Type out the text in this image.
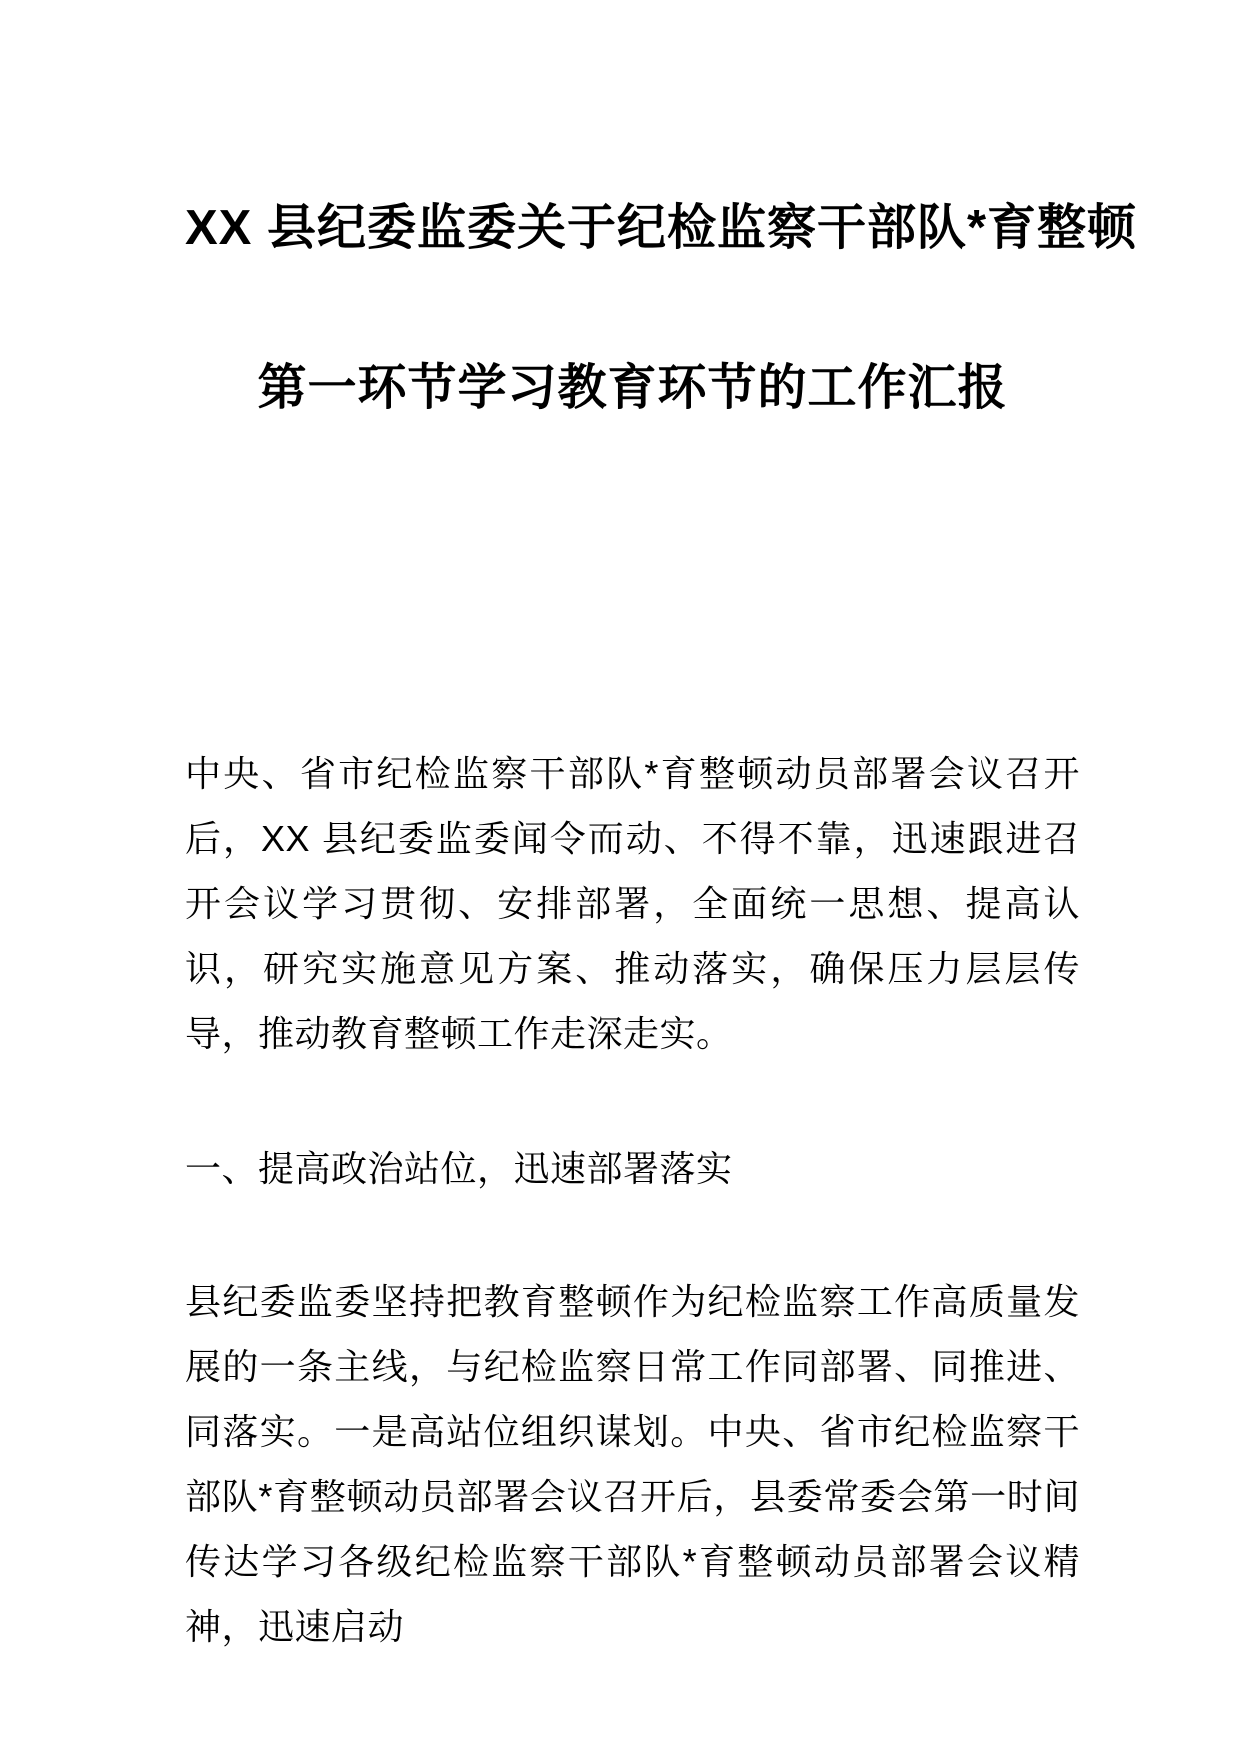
XX 县纪委监委关于纪检监察干部队*育整顿
第一环节学习教育环节的工作汇报

中央、省市纪检监察干部队*育整顿动员部署会议召开后，XX 县纪委监委闻令而动、不得不靠，迅速跟进召开会议学习贯彻、安排部署，全面统一思想、提高认识，研究实施意见方案、推动落实，确保压力层层传导，推动教育整顿工作走深走实。

一、提高政治站位，迅速部署落实

县纪委监委坚持把教育整顿作为纪检监察工作高质量发展的一条主线，与纪检监察日常工作同部署、同推进、同落实。一是高站位组织谋划。中央、省市纪检监察干部队*育整顿动员部署会议召开后，县委常委会第一时间传达学习各级纪检监察干部队*育整顿动员部署会议精神，迅速启动
